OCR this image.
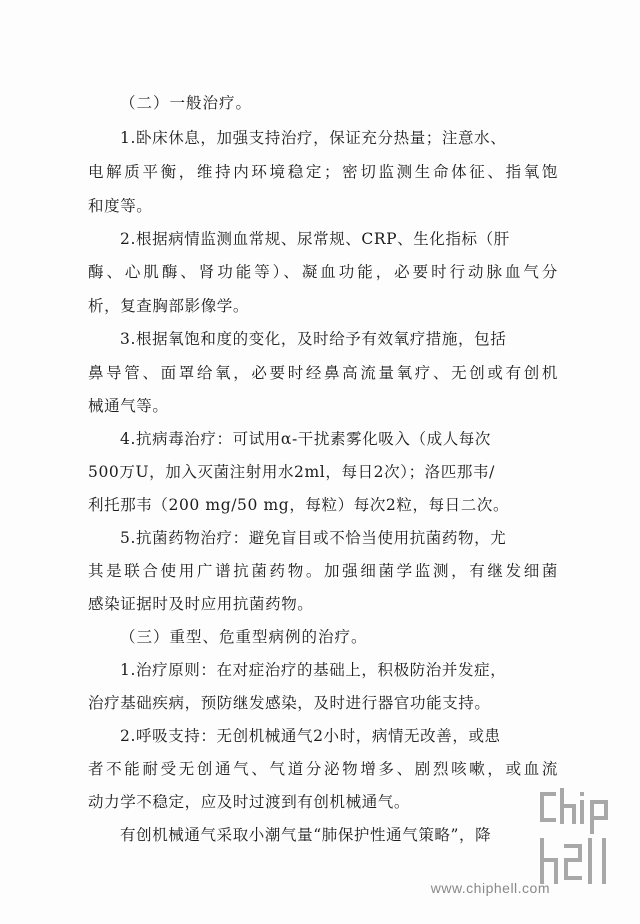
（二）一般治疗。
1.卧床休息，加强支持治疗，保证充分热量；注意水、
电解质平衡，维持内环境稳定；密切监测生命体征、指氧饱
和度等。
2.根据病情监测血常规、尿常规、CRP、生化指标（肝
酶、心肌酶、肾功能等）、凝血功能，必要时行动脉血气分
析，复查胸部影像学。
3.根据氧饱和度的变化，及时给予有效氧疗措施，包括
鼻导管、面罩给氧，必要时经鼻高流量氧疗、无创或有创机
械通气等。
4.抗病毒治疗：可试用α-干扰素雾化吸入（成人每次
500万U，加入灭菌注射用水2ml，每日2次）；洛匹那韦/
利托那韦（200 mg/50 mg，每粒）每次2粒，每日二次。
5.抗菌药物治疗：避免盲目或不恰当使用抗菌药物，尤
其是联合使用广谱抗菌药物。加强细菌学监测，有继发细菌
感染证据时及时应用抗菌药物。
（三）重型、危重型病例的治疗。
1.治疗原则：在对症治疗的基础上，积极防治并发症，
治疗基础疾病，预防继发感染，及时进行器官功能支持。
2.呼吸支持：无创机械通气2小时，病情无改善，或患
者不能耐受无创通气、气道分泌物增多、剧烈咳嗽，或血流
动力学不稳定，应及时过渡到有创机械通气。
有创机械通气采取小潮气量“肺保护性通气策略”，降
www.chiphell.com
